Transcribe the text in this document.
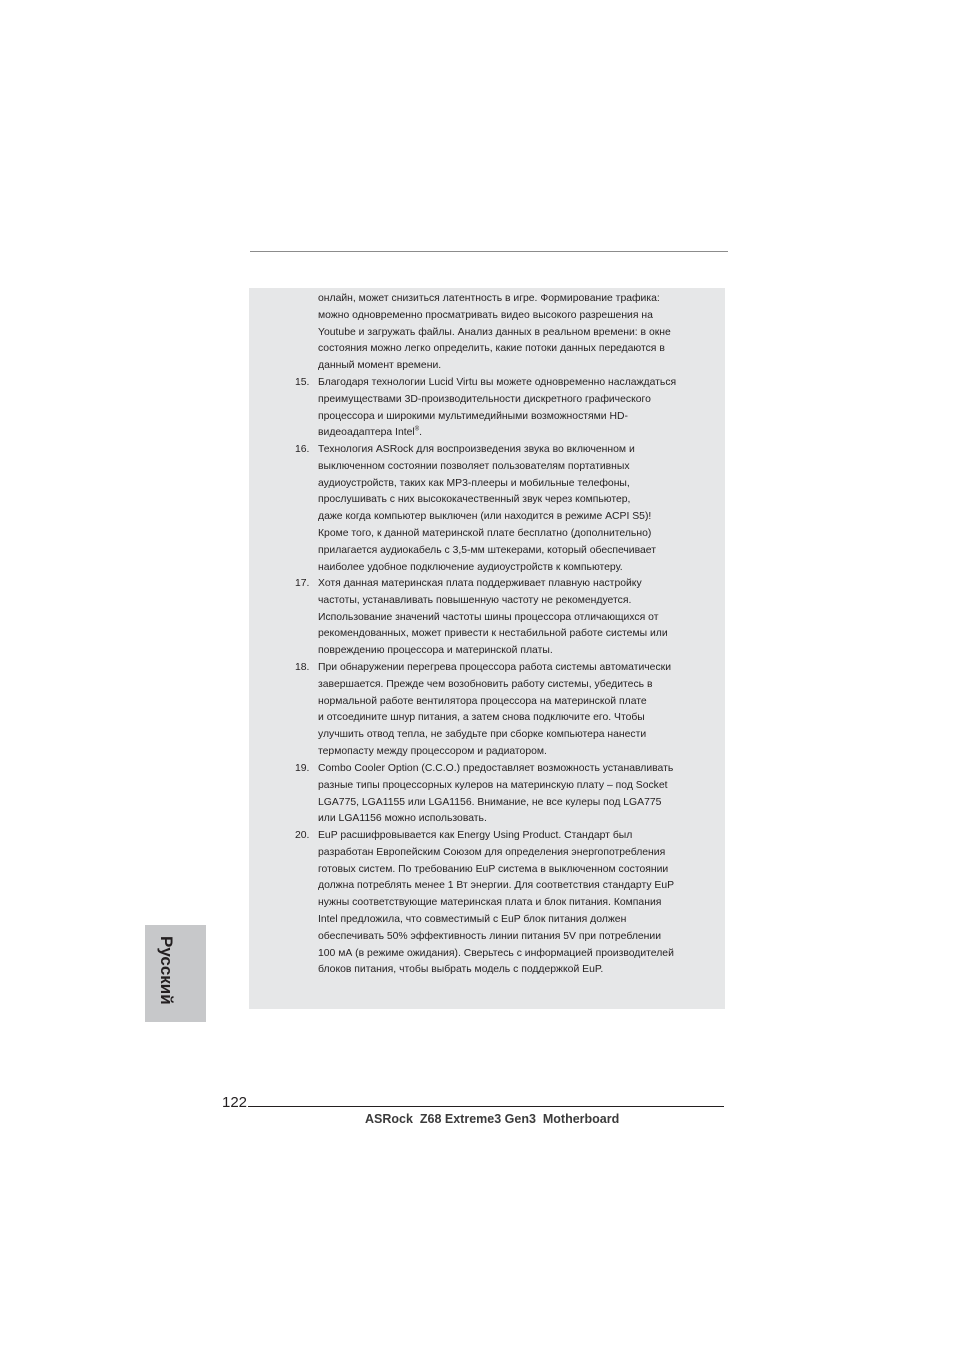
онлайн, может снизиться латентность в игре. Формирование трафика:
можно одновременно просматривать видео высокого разрешения на
Youtube и загружать файлы. Анализ данных в реальном времени: в окне
состояния можно легко определить, какие потоки данных передаются в
данный момент времени.
15. Благодаря технологии Lucid Virtu вы можете одновременно наслаждаться
преимуществами 3D-производительности дискретного графического
процессора и широкими мультимедийными возможностями HD-
видеоадаптера Intel®.
16. Технология ASRock для воспроизведения звука во включенном и
выключенном состоянии позволяет пользователям портативных
аудиоустройств, таких как MP3-плееры и мобильные телефоны,
прослушивать с них высококачественный звук через компьютер,
даже когда компьютер выключен (или находится в режиме ACPI S5)!
Кроме того, к данной материнской плате бесплатно (дополнительно)
прилагается аудиокабель с 3,5-мм штекерами, который обеспечивает
наиболее удобное подключение аудиоустройств к компьютеру.
17. Хотя данная материнская плата поддерживает плавную настройку
частоты, устанавливать повышенную частоту не рекомендуется.
Использование значений частоты шины процессора отличающихся от
рекомендованных, может привести к нестабильной работе системы или
повреждению процессора и материнской платы.
18. При обнаружении перегрева процессора работа системы автоматически
завершается. Прежде чем возобновить работу системы, убедитесь в
нормальной работе вентилятора процессора на материнской плате
и отсоедините шнур питания, а затем снова подключите его. Чтобы
улучшить отвод тепла, не забудьте при сборке компьютера нанести
термопасту между процессором и радиатором.
19. Combo Cooler Option (C.C.O.) предоставляет возможность устанавливать
разные типы процессорных кулеров на материнскую плату – под Socket
LGA775, LGA1155 или LGA1156. Внимание, не все кулеры под LGA775
или LGA1156 можно использовать.
20. EuP расшифровывается как Energy Using Product. Стандарт был
разработан Европейским Союзом для определения энергопотребления
готовых систем. По требованию EuP система в выключенном состоянии
должна потреблять менее 1 Вт энергии. Для соответствия стандарту EuP
нужны соответствующие материнская плата и блок питания. Компания
Intel предложила, что совместимый с EuP блок питания должен
обеспечивать 50% эффективность линии питания 5V при потреблении
100 мА (в режиме ожидания). Сверьтесь с информацией производителей
блоков питания, чтобы выбрать модель с поддержкой EuP.
Русский
122
ASRock  Z68 Extreme3 Gen3  Motherboard
